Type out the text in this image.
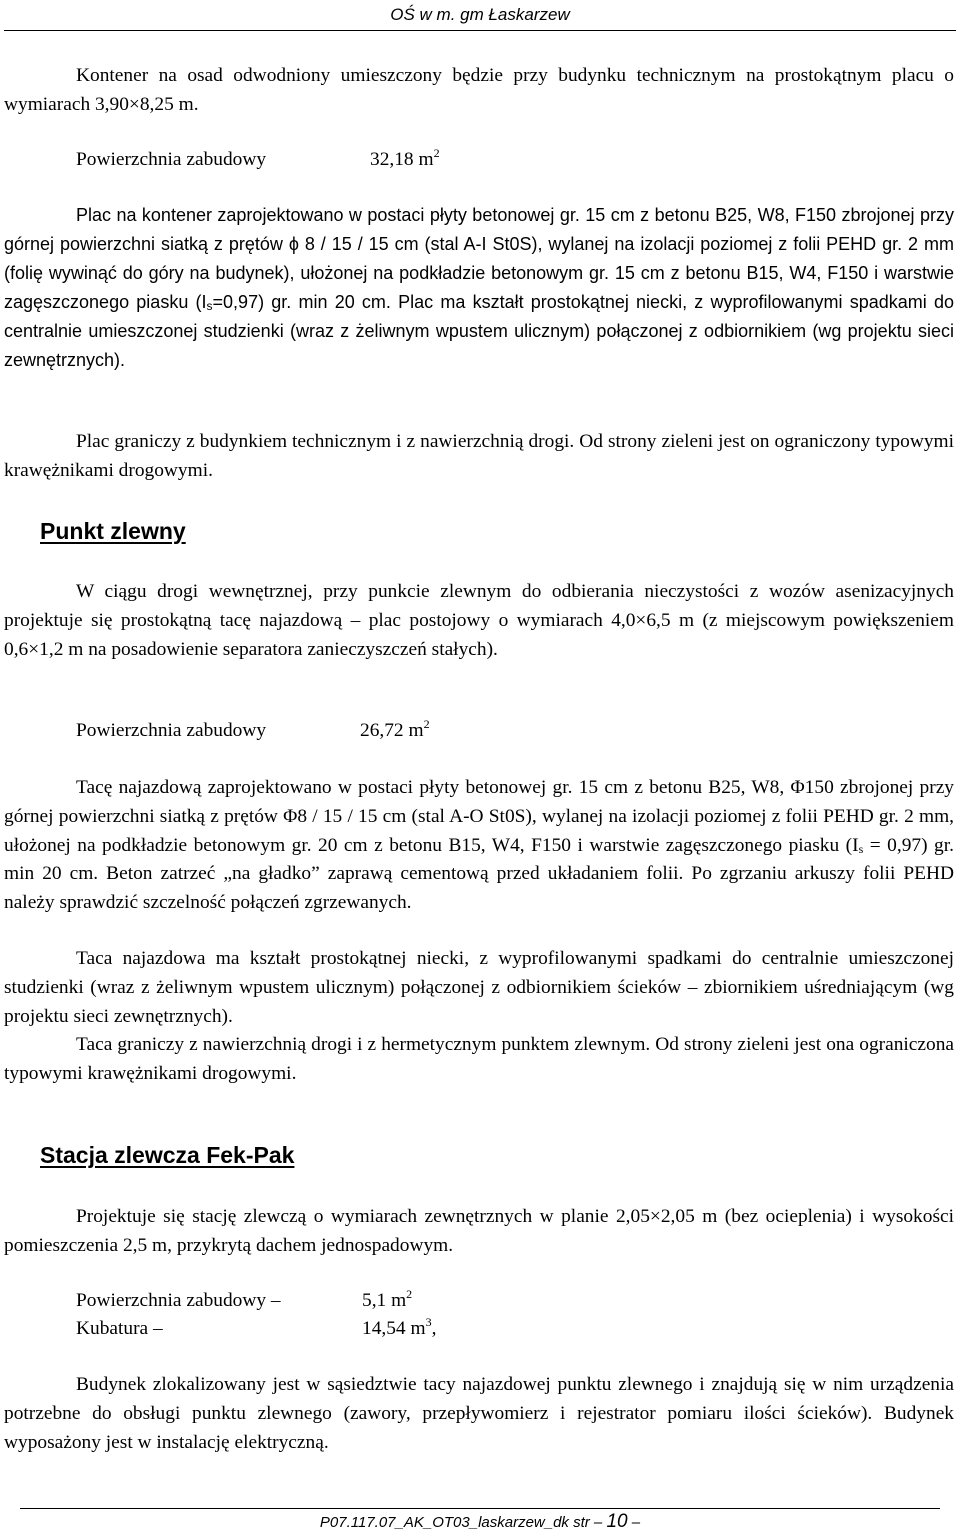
OŚ w m. gm Łaskarzew

Kontener na osad odwodniony umieszczony będzie przy budynku technicznym na prostokątnym placu o wymiarach 3,90×8,25 m.

Powierzchnia zabudowy	32,18 $m^2$

Plac na kontener zaprojektowano w postaci płyty betonowej gr. 15 cm z betonu B25, W8, F150 zbrojonej przy górnej powierzchni siatką z prętów ϕ 8 / 15 / 15 cm (stal A-I St0S), wylanej na izolacji poziomej z folii PEHD gr. 2 mm (folię wywinąć do góry na budynek), ułożonej na podkładzie betonowym gr. 15 cm z betonu B15, W4, F150 i warstwie zagęszczonego piasku $(I_s=0,97)$ gr. min 20 cm. Plac ma kształt prostokątnej niecki, z wyprofilowanymi spadkami do centralnie umieszczonej studzienki (wraz z żeliwnym wpustem ulicznym) połączonej z odbiornikiem (wg projektu sieci zewnętrznych).

Plac graniczy z budynkiem technicznym i z nawierzchnią drogi. Od strony zieleni jest on ograniczony typowymi krawężnikami drogowymi.

Punkt zlewny

W ciągu drogi wewnętrznej, przy punkcie zlewnym do odbierania nieczystości z wozów asenizacyjnych projektuje się prostokątną tacę najazdową – plac postojowy o wymiarach 4,0×6,5 m (z miejscowym powiększeniem 0,6×1,2 m na posadowienie separatora zanieczyszczeń stałych).

Powierzchnia zabudowy	26,72 $m^2$

Tacę najazdową zaprojektowano w postaci płyty betonowej gr. 15 cm z betonu B25, W8, Φ150 zbrojonej przy górnej powierzchni siatką z prętów Φ8 / 15 / 15 cm (stal A-O St0S), wylanej na izolacji poziomej z folii PEHD gr. 2 mm, ułożonej na podkładzie betonowym gr. 20 cm z betonu B15, W4, F150 i warstwie zagęszczonego piasku $(I_s = 0,97)$ gr. min 20 cm. Beton zatrzeć „na gładko” zaprawą cementową przed układaniem folii. Po zgrzaniu arkuszy folii PEHD należy sprawdzić szczelność połączeń zgrzewanych.

Taca najazdowa ma kształt prostokątnej niecki, z wyprofilowanymi spadkami do centralnie umieszczonej studzienki (wraz z żeliwnym wpustem ulicznym) połączonej z odbiornikiem ścieków – zbiornikiem uśredniającym (wg projektu sieci zewnętrznych).

Taca graniczy z nawierzchnią drogi i z hermetycznym punktem zlewnym. Od strony zieleni jest ona ograniczona typowymi krawężnikami drogowymi.

Stacja zlewcza Fek-Pak

Projektuje się stację zlewczą o wymiarach zewnętrznych w planie 2,05×2,05 m (bez ocieplenia) i wysokości pomieszczenia 2,5 m, przykrytą dachem jednospadowym.

Powierzchnia zabudowy –	5,1 $m^2$
Kubatura –	14,54 $m^3$,

Budynek zlokalizowany jest w sąsiedztwie tacy najazdowej punktu zlewnego i znajdują się w nim urządzenia potrzebne do obsługi punktu zlewnego (zawory, przepływomierz i rejestrator pomiaru ilości ścieków). Budynek wyposażony jest w instalację elektryczną.

P07.117.07_AK_OT03_laskarzew_dk str – 10 –
